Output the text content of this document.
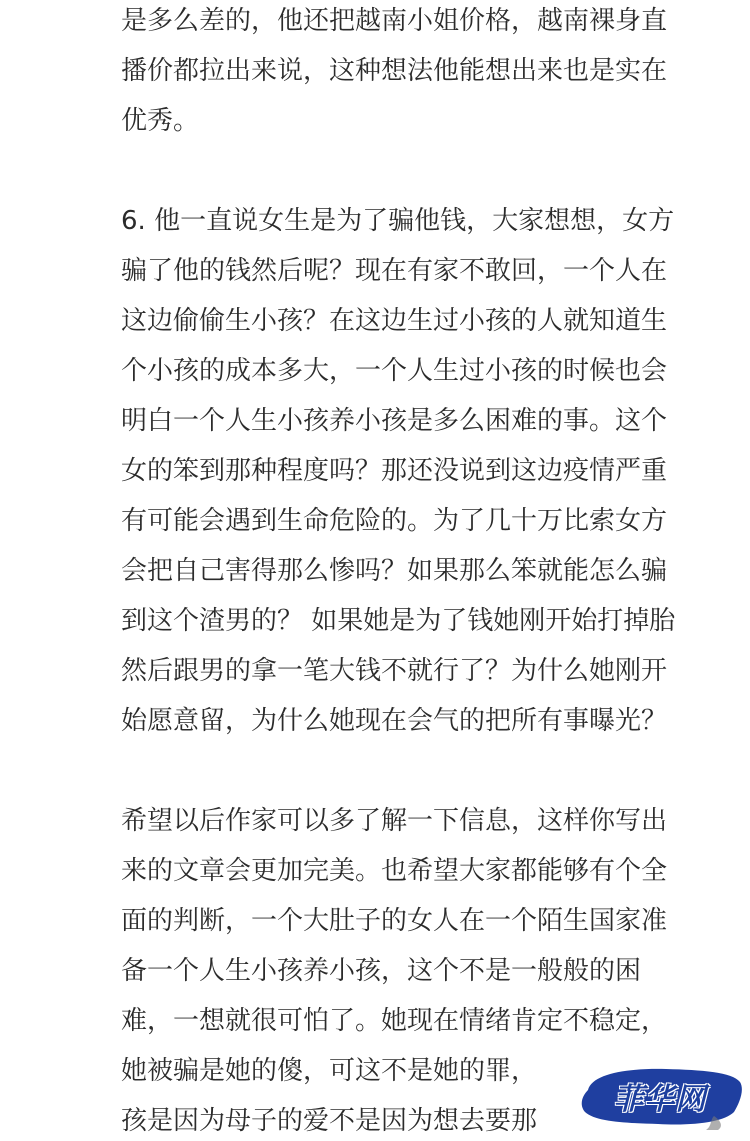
是多么差的，他还把越南小姐价格，越南裸身直
播价都拉出来说，这种想法他能想出来也是实在
优秀。

6. 他一直说女生是为了骗他钱，大家想想，女方
骗了他的钱然后呢？现在有家不敢回，一个人在
这边偷偷生小孩？在这边生过小孩的人就知道生
个小孩的成本多大，一个人生过小孩的时候也会
明白一个人生小孩养小孩是多么困难的事。这个
女的笨到那种程度吗？那还没说到这边疫情严重
有可能会遇到生命危险的。为了几十万比索女方
会把自己害得那么惨吗？如果那么笨就能怎么骗
到这个渣男的？ 如果她是为了钱她刚开始打掉胎
然后跟男的拿一笔大钱不就行了？为什么她刚开
始愿意留，为什么她现在会气的把所有事曝光？

希望以后作家可以多了解一下信息，这样你写出
来的文章会更加完美。也希望大家都能够有个全
面的判断，一个大肚子的女人在一个陌生国家准
备一个人生小孩养小孩，这个不是一般般的困
难，一想就很可怕了。她现在情绪肯定不稳定，
她被骗是她的傻，可这不是她的罪，
孩是因为母子的爱不是因为想去要那

菲华网
